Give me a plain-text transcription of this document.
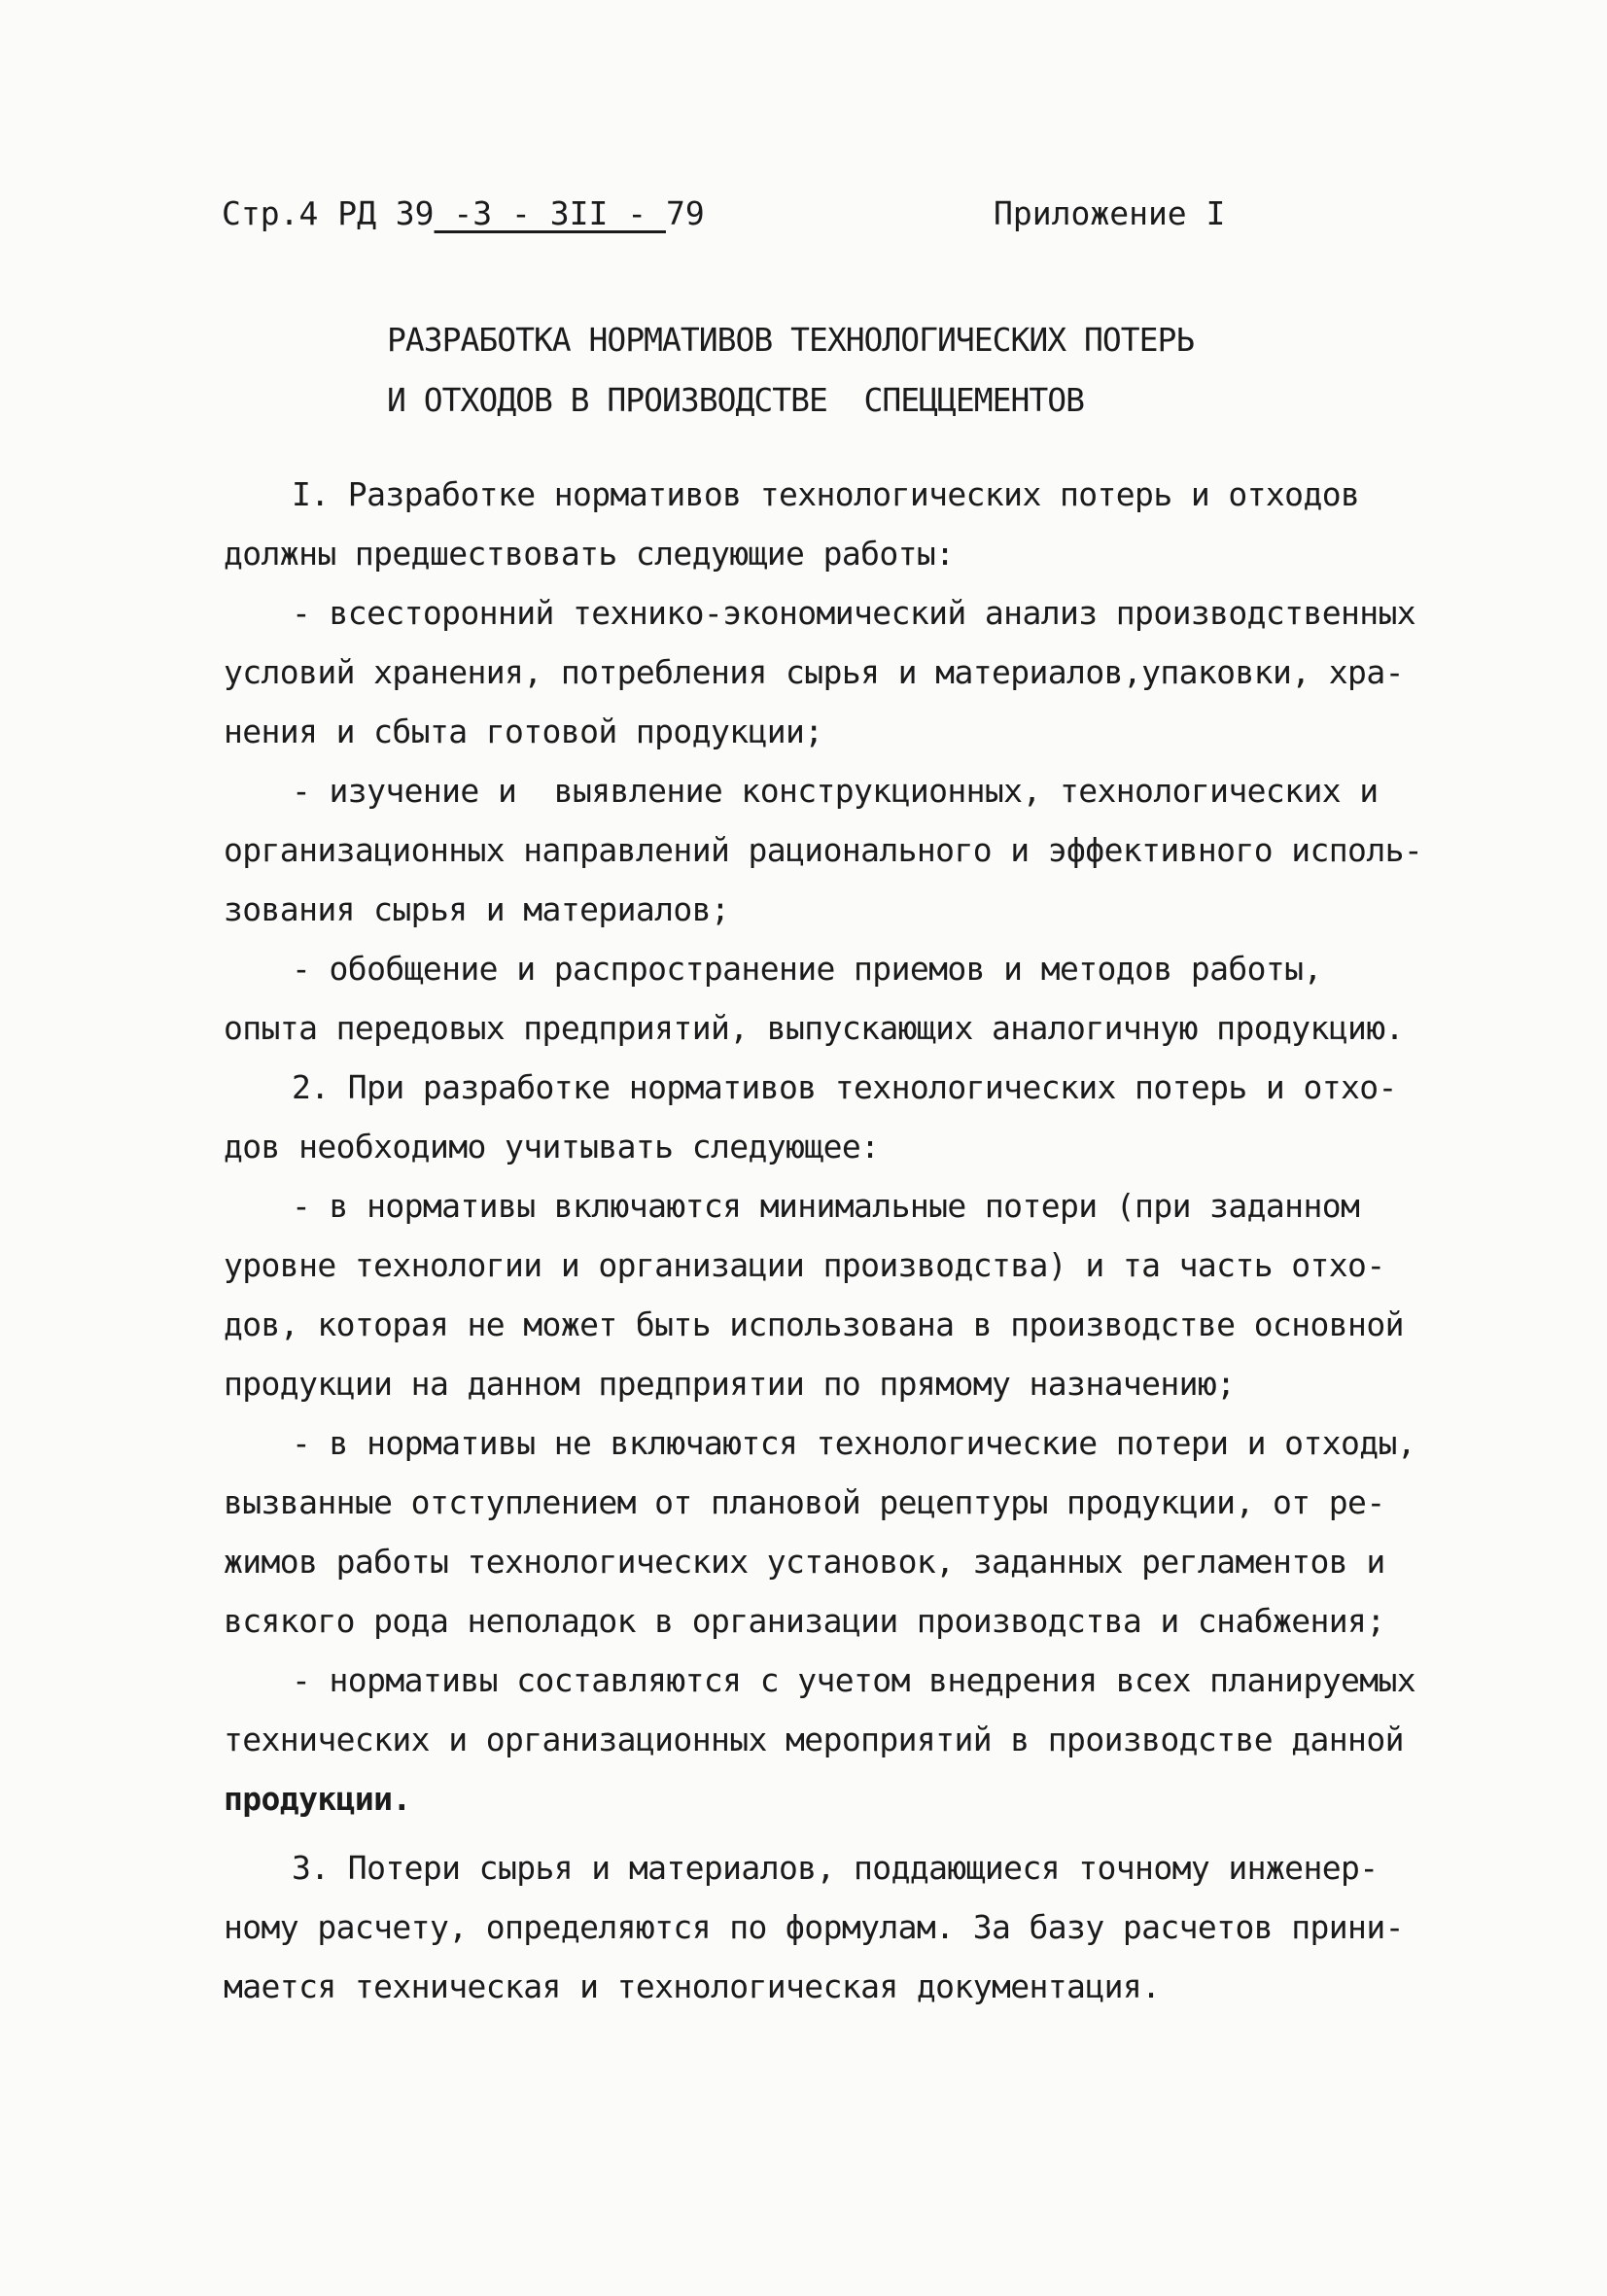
Стр.4 РД 39 -3 - 3II - 79	Приложение I
РАЗРАБОТКА НОРМАТИВОВ ТЕХНОЛОГИЧЕСКИХ ПОТЕРЬ
И ОТХОДОВ В ПРОИЗВОДСТВЕ  СПЕЦЦЕМЕНТОВ
I. Разработке нормативов технологических потерь и отходов
должны предшествовать следующие работы:
- всесторонний технико-экономический анализ производственных
условий хранения, потребления сырья и материалов,упаковки, хра-
нения и сбыта готовой продукции;
- изучение и  выявление конструкционных, технологических и
организационных направлений рационального и эффективного исполь-
зования сырья и материалов;
- обобщение и распространение приемов и методов работы,
опыта передовых предприятий, выпускающих аналогичную продукцию.
2. При разработке нормативов технологических потерь и отхо-
дов необходимо учитывать следующее:
- в нормативы включаются минимальные потери (при заданном
уровне технологии и организации производства) и та часть отхо-
дов, которая не может быть использована в производстве основной
продукции на данном предприятии по прямому назначению;
- в нормативы не включаются технологические потери и отходы,
вызванные отступлением от плановой рецептуры продукции, от ре-
жимов работы технологических установок, заданных регламентов и
всякого рода неполадок в организации производства и снабжения;
- нормативы составляются с учетом внедрения всех планируемых
технических и организационных мероприятий в производстве данной
продукции.
3. Потери сырья и материалов, поддающиеся точному инженер-
ному расчету, определяются по формулам. За базу расчетов прини-
мается техническая и технологическая документация.
